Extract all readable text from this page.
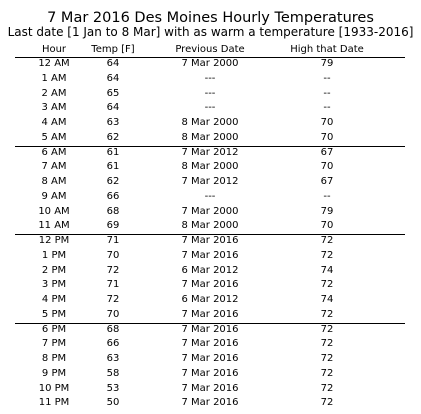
7 Mar 2016 Des Moines Hourly Temperatures
Last date [1 Jan to 8 Mar] with as warm a temperature [1933-2016]
Hour	Temp [F]	Previous Date	High that Date
12 AM	64	7 Mar 2000	79
1 AM	64	---	--
2 AM	65	---	--
3 AM	64	---	--
4 AM	63	8 Mar 2000	70
5 AM	62	8 Mar 2000	70
6 AM	61	7 Mar 2012	67
7 AM	61	8 Mar 2000	70
8 AM	62	7 Mar 2012	67
9 AM	66	---	--
10 AM	68	7 Mar 2000	79
11 AM	69	8 Mar 2000	70
12 PM	71	7 Mar 2016	72
1 PM	70	7 Mar 2016	72
2 PM	72	6 Mar 2012	74
3 PM	71	7 Mar 2016	72
4 PM	72	6 Mar 2012	74
5 PM	70	7 Mar 2016	72
6 PM	68	7 Mar 2016	72
7 PM	66	7 Mar 2016	72
8 PM	63	7 Mar 2016	72
9 PM	58	7 Mar 2016	72
10 PM	53	7 Mar 2016	72
11 PM	50	7 Mar 2016	72
